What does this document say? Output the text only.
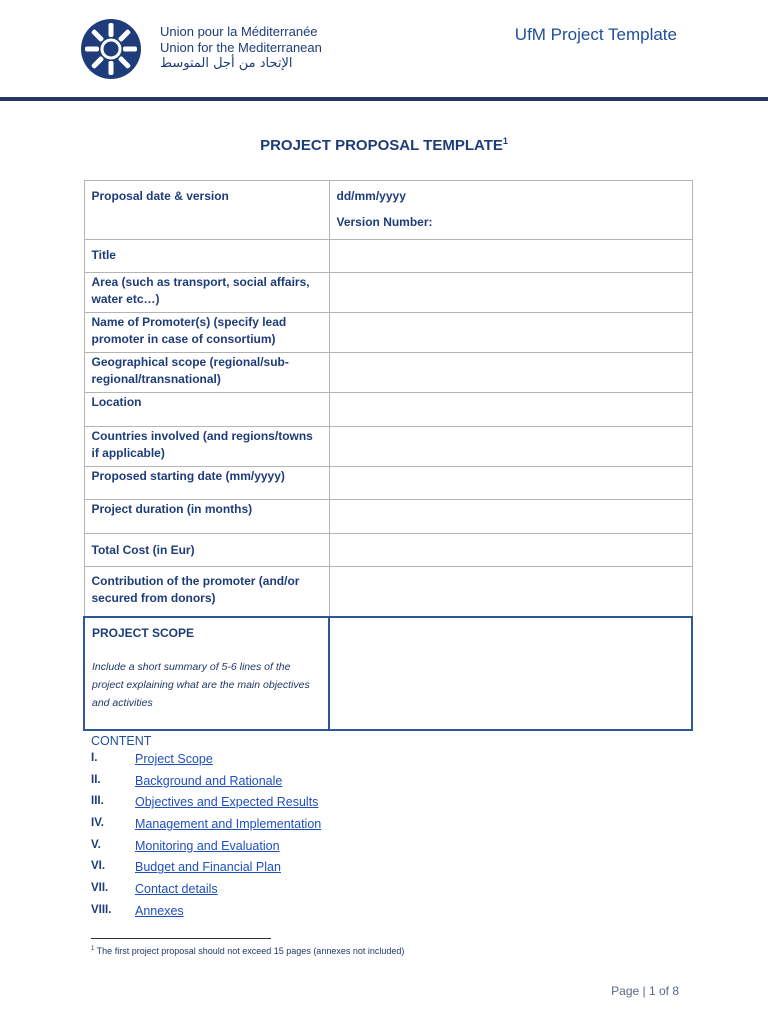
Union pour la Méditerranée
Union for the Mediterranean
الإتحاد من أجل المتوسط
UfM Project Template
PROJECT PROPOSAL TEMPLATE$^1$
Proposal date & version	dd/mm/yyyy
Version Number:

Title	
Area (such as transport, social affairs, water etc…)	
Name of Promoter(s) (specify lead promoter in case of consortium)	
Geographical scope (regional/sub-regional/transnational)	
Location	
Countries involved (and regions/towns if applicable)	
Proposed starting date (mm/yyyy)	
Project duration (in months)	
Total Cost (in Eur)	
Contribution of the promoter (and/or secured from donors)	

PROJECT SCOPE
Include a short summary of 5-6 lines of the project explaining what are the main objectives and activities	

CONTENT
I.	Project Scope
II.	Background and Rationale
III. Objectives and Expected Results
IV. Management and Implementation
V.	Monitoring and Evaluation
VI. Budget and Financial Plan
VII. Contact details
VIII. Annexes
$^1$ The first project proposal should not exceed 15 pages (annexes not included)
Page | 1 of 8
